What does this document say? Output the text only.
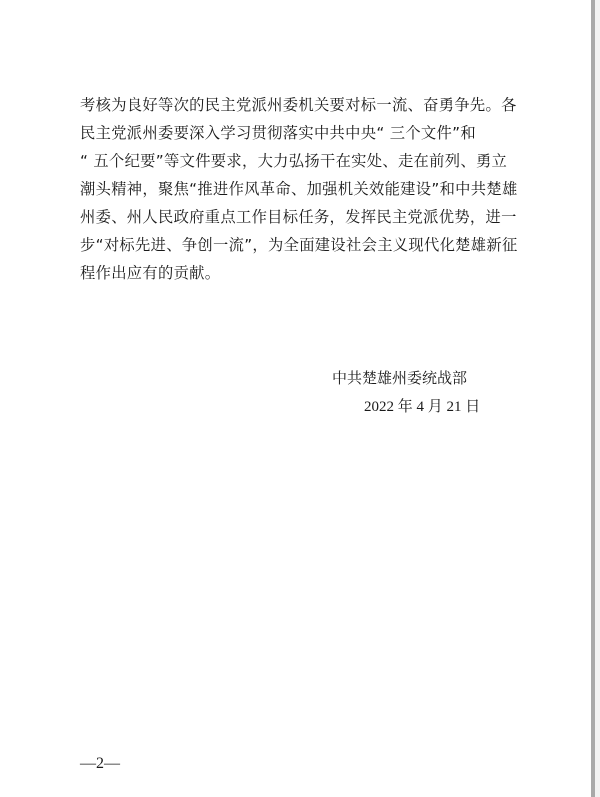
考核为良好等次的民主党派州委机关要对标一流、奋勇争先。各
民主党派州委要深入学习贯彻落实中共中央“ 三个文件”和
“ 五个纪要”等文件要求，大力弘扬干在实处、走在前列、勇立
潮头精神，聚焦“推进作风革命、加强机关效能建设”和中共楚雄
州委、州人民政府重点工作目标任务，发挥民主党派优势，进一
步“对标先进、争创一流”，为全面建设社会主义现代化楚雄新征
程作出应有的贡献。
中共楚雄州委统战部
2022 年 4 月 21 日
—2—
